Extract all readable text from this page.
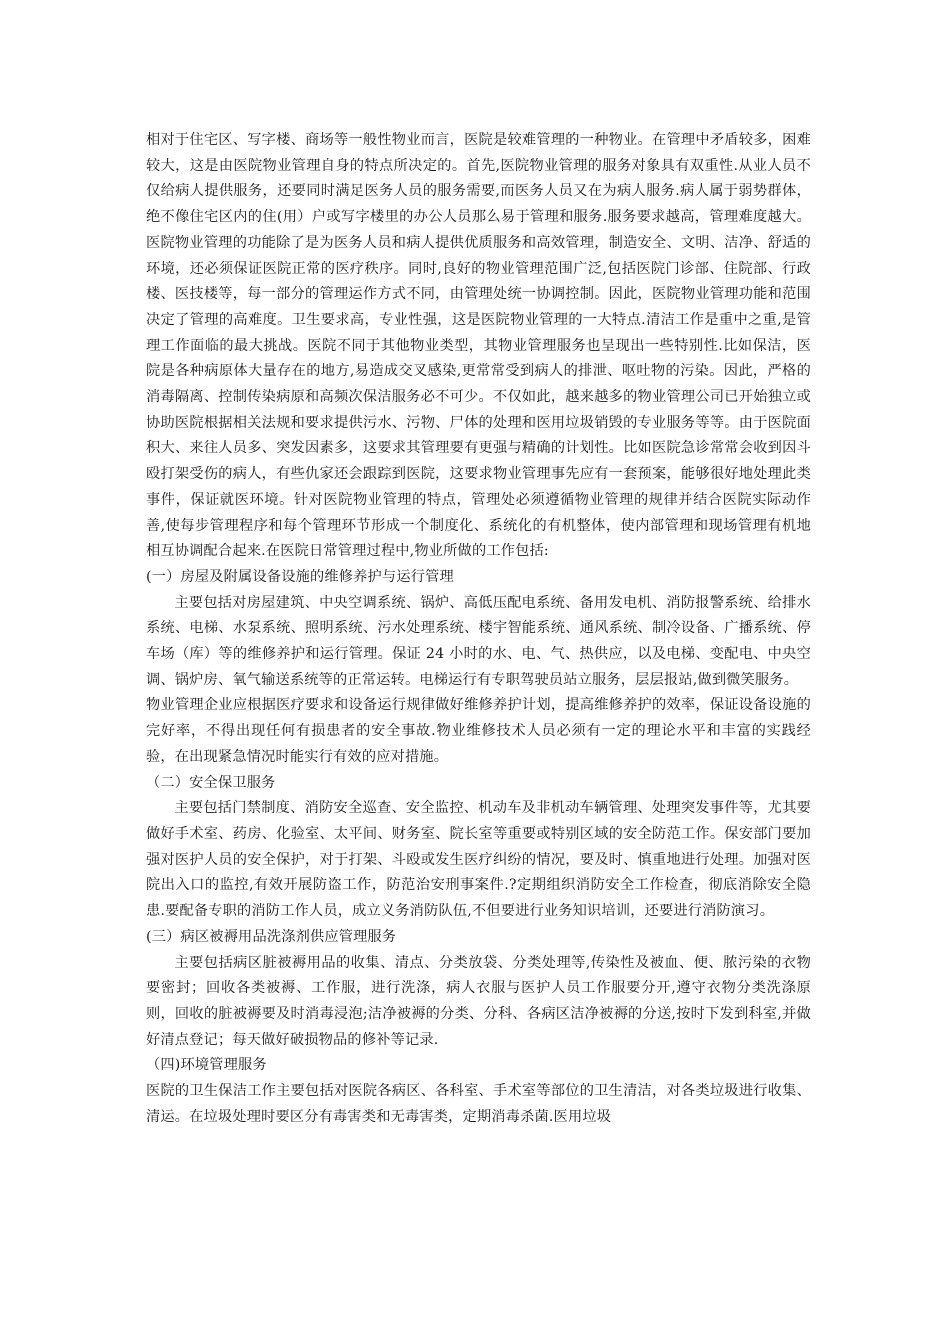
相对于住宅区、写字楼、商场等一般性物业而言，医院是较难管理的一种物业。在管理中矛盾较多，困难较大，这是由医院物业管理自身的特点所决定的。首先,医院物业管理的服务对象具有双重性.从业人员不仅给病人提供服务，还要同时满足医务人员的服务需要,而医务人员又在为病人服务.病人属于弱势群体，绝不像住宅区内的住(用）户或写字楼里的办公人员那么易于管理和服务.服务要求越高，管理难度越大。医院物业管理的功能除了是为医务人员和病人提供优质服务和高效管理，制造安全、文明、洁净、舒适的环境，还必须保证医院正常的医疗秩序。同时,良好的物业管理范围广泛,包括医院门诊部、住院部、行政楼、医技楼等，每一部分的管理运作方式不同，由管理处统一协调控制。因此，医院物业管理功能和范围决定了管理的高难度。卫生要求高，专业性强，这是医院物业管理的一大特点.清洁工作是重中之重,是管理工作面临的最大挑战。医院不同于其他物业类型，其物业管理服务也呈现出一些特别性.比如保洁，医院是各种病原体大量存在的地方,易造成交叉感染,更常常受到病人的排泄、呕吐物的污染。因此，严格的消毒隔离、控制传染病原和高频次保洁服务必不可少。不仅如此，越来越多的物业管理公司已开始独立或协助医院根据相关法规和要求提供污水、污物、尸体的处理和医用垃圾销毁的专业服务等等。由于医院面积大、来往人员多、突发因素多，这要求其管理要有更强与精确的计划性。比如医院急诊常常会收到因斗殴打架受伤的病人，有些仇家还会跟踪到医院，这要求物业管理事先应有一套预案，能够很好地处理此类事件，保证就医环境。针对医院物业管理的特点，管理处必须遵循物业管理的规律并结合医院实际动作善,使每步管理程序和每个管理环节形成一个制度化、系统化的有机整体，使内部管理和现场管理有机地相互协调配合起来.在医院日常管理过程中,物业所做的工作包括:

(一）房屋及附属设备设施的维修养护与运行管理

主要包括对房屋建筑、中央空调系统、锅炉、高低压配电系统、备用发电机、消防报警系统、给排水系统、电梯、水泵系统、照明系统、污水处理系统、楼宇智能系统、通风系统、制冷设备、广播系统、停车场（库）等的维修养护和运行管理。保证 24 小时的水、电、气、热供应，以及电梯、变配电、中央空调、锅炉房、氧气输送系统等的正常运转。电梯运行有专职驾驶员站立服务，层层报站,做到微笑服务。

物业管理企业应根据医疗要求和设备运行规律做好维修养护计划，提高维修养护的效率，保证设备设施的完好率，不得出现任何有损患者的安全事故.物业维修技术人员必须有一定的理论水平和丰富的实践经验，在出现紧急情况时能实行有效的应对措施。

（二）安全保卫服务

主要包括门禁制度、消防安全巡查、安全监控、机动车及非机动车辆管理、处理突发事件等，尤其要做好手术室、药房、化验室、太平间、财务室、院长室等重要或特别区域的安全防范工作。保安部门要加强对医护人员的安全保护，对于打架、斗殴或发生医疗纠纷的情况，要及时、慎重地进行处理。加强对医院出入口的监控,有效开展防盗工作，防范治安刑事案件.?定期组织消防安全工作检查，彻底消除安全隐患.要配备专职的消防工作人员，成立义务消防队伍,不但要进行业务知识培训，还要进行消防演习。

(三）病区被褥用品洗涤剂供应管理服务

主要包括病区脏被褥用品的收集、清点、分类放袋、分类处理等,传染性及被血、便、脓污染的衣物要密封；回收各类被褥、工作服，进行洗涤，病人衣服与医护人员工作服要分开,遵守衣物分类洗涤原则，回收的脏被褥要及时消毒浸泡;洁净被褥的分类、分科、各病区洁净被褥的分送,按时下发到科室,并做好清点登记；每天做好破损物品的修补等记录.

（四)环境管理服务

医院的卫生保洁工作主要包括对医院各病区、各科室、手术室等部位的卫生清洁，对各类垃圾进行收集、清运。在垃圾处理时要区分有毒害类和无毒害类，定期消毒杀菌.医用垃圾
